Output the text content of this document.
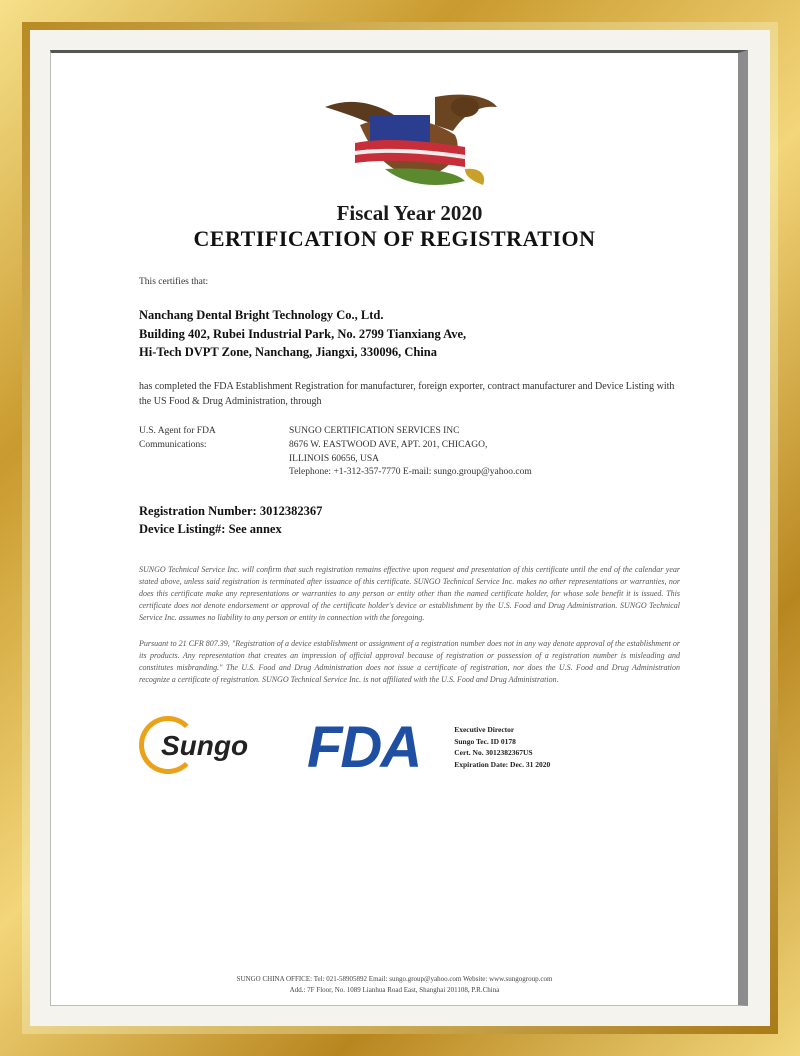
Fiscal Year 2020
CERTIFICATION OF REGISTRATION
This certifies that:
Nanchang Dental Bright Technology Co., Ltd.
Building 402, Rubei Industrial Park, No. 2799 Tianxiang Ave,
Hi-Tech DVPT Zone, Nanchang, Jiangxi, 330096, China

has completed the FDA Establishment Registration for manufacturer, foreign exporter, contract manufacturer and Device Listing with the US Food & Drug Administration, through

U.S. Agent for FDA
Communications:
SUNGO CERTIFICATION SERVICES INC
8676 W. EASTWOOD AVE, APT. 201, CHICAGO,
ILLINOIS 60656, USA
Telephone: +1-312-357-7770 E-mail: sungo.group@yahoo.com
Registration Number: 3012382367
Device Listing#: See annex

SUNGO Technical Service Inc. will confirm that such registration remains effective upon request and presentation of this certificate until the end of the calendar year stated above, unless said registration is terminated after issuance of this certificate. SUNGO Technical Service Inc. makes no other representations or warranties, nor does this certificate make any representations or warranties to any person or entity other than the named certificate holder, for whose sole benefit it is issued. This certificate does not denote endorsement or approval of the certificate holder's device or establishment by the U.S. Food and Drug Administration. SUNGO Technical Service Inc. assumes no liability to any person or entity in connection with the foregoing.

Pursuant to 21 CFR 807.39, "Registration of a device establishment or assignment of a registration number does not in any way denote approval of the establishment or its products. Any representation that creates an impression of official approval because of registration or possession of a registration number is misleading and constitutes misbranding." The U.S. Food and Drug Administration does not issue a certificate of registration, nor does the U.S. Food and Drug Administration recognize a certificate of registration. SUNGO Technical Service Inc. is not affiliated with the U.S. Food and Drug Administration.

Sungo FDA	Executive Director
Sungo Tec. ID 0178
Cert. No. 3012382367US
Expiration Date: Dec. 31 2020
SUNGO CHINA OFFICE: Tel: 021-58905892 Email: sungo.group@yahoo.com Website: www.sungogroup.com
Add.: 7F Floor, No. 1089 Lianhua Road East, Shanghai 201108, P.R.China
